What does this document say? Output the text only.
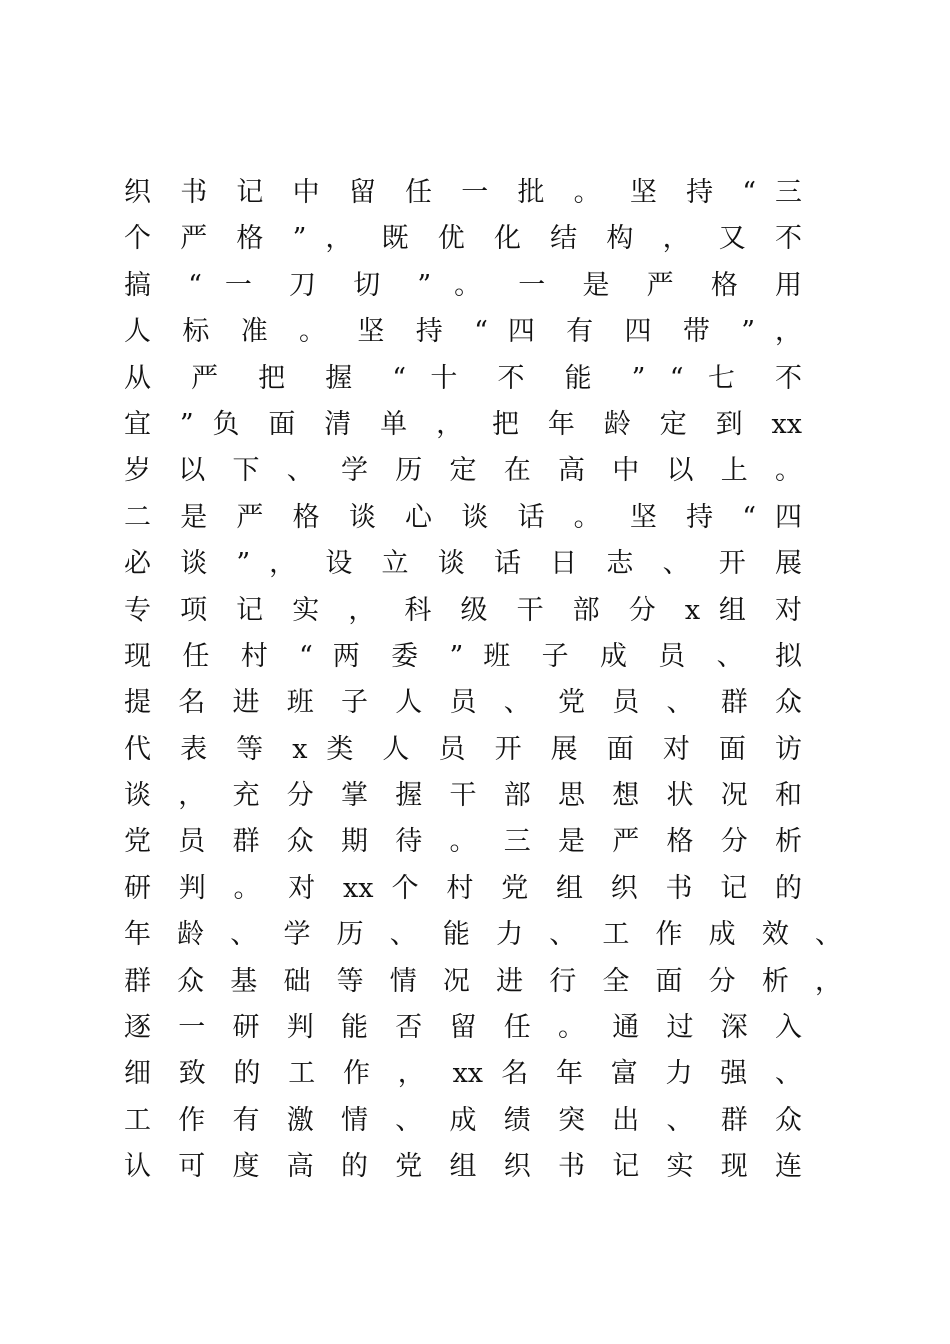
织 书 记 中 留 任 一 批 。 坚 持 “ 三
个 严 格 ” ， 既 优 化 结 构 ， 又 不
搞 “ 一 刀 切 ” 。 一 是 严 格 用
人 标 准 。 坚 持 “ 四 有 四 带 ” ，
从 严 把 握 “ 十 不 能 ” “ 七 不
宜 ” 负 面 清 单 ， 把 年 龄 定 到 xx
岁 以 下 、 学 历 定 在 高 中 以 上 。
二 是 严 格 谈 心 谈 话 。 坚 持 “ 四
必 谈 ” ， 设 立 谈 话 日 志 、 开 展
专 项 记 实 ， 科 级 干 部 分 x 组 对
现 任 村 “ 两 委 ” 班 子 成 员 、 拟
提 名 进 班 子 人 员 、 党 员 、 群 众
代 表 等 x 类 人 员 开 展 面 对 面 访
谈 ， 充 分 掌 握 干 部 思 想 状 况 和
党 员 群 众 期 待 。 三 是 严 格 分 析
研 判 。 对 xx 个 村 党 组 织 书 记 的
年 龄 、 学 历 、 能 力 、 工 作 成 效 、
群 众 基 础 等 情 况 进 行 全 面 分 析 ，
逐 一 研 判 能 否 留 任 。 通 过 深 入
细 致 的 工 作 ， xx 名 年 富 力 强 、
工 作 有 激 情 、 成 绩 突 出 、 群 众
认 可 度 高 的 党 组 织 书 记 实 现 连
